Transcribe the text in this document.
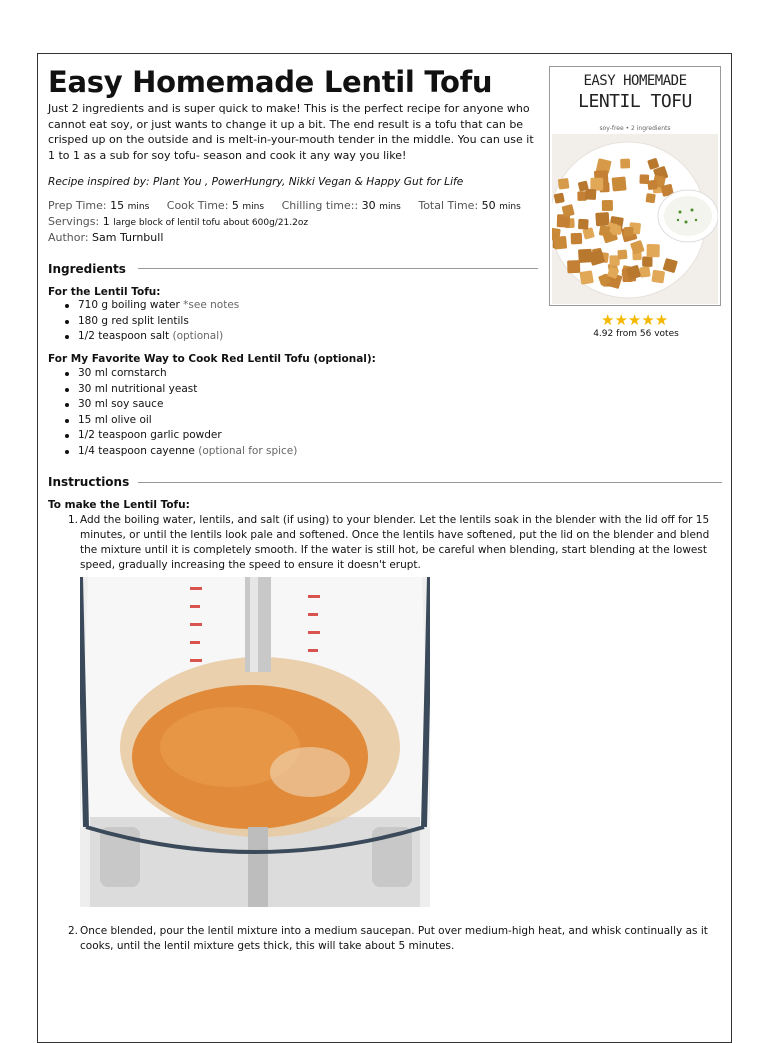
Easy Homemade Lentil Tofu
Just 2 ingredients and is super quick to make! This is the perfect recipe for anyone who cannot eat soy, or just wants to change it up a bit. The end result is a tofu that can be crisped up on the outside and is melt-in-your-mouth tender in the middle. You can use it 1 to 1 as a sub for soy tofu- season and cook it any way you like!
Recipe inspired by: Plant You , PowerHungry, Nikki Vegan & Happy Gut for Life
Prep Time: 15 mins Cook Time: 5 mins Chilling time:: 30 mins Total Time: 50 mins
Servings: 1 large block of lentil tofu about 600g/21.2oz
Author: Sam Turnbull
EASY HOMEMADE
LENTIL TOFU
soy-free • 2 ingredients
★★★★★
4.92 from 56 votes
Ingredients
For the Lentil Tofu:
710 g boiling water *see notes
180 g red split lentils
1/2 teaspoon salt (optional)
For My Favorite Way to Cook Red Lentil Tofu (optional):
30 ml cornstarch
30 ml nutritional yeast
30 ml soy sauce
15 ml olive oil
1/2 teaspoon garlic powder
1/4 teaspoon cayenne (optional for spice)
Instructions
To make the Lentil Tofu:
1. Add the boiling water, lentils, and salt (if using) to your blender. Let the lentils soak in the blender with the lid off for 15 minutes, or until the lentils look pale and softened. Once the lentils have softened, put the lid on the blender and blend the mixture until it is completely smooth. If the water is still hot, be careful when blending, start blending at the lowest speed, gradually increasing the speed to ensure it doesn't erupt.
2. Once blended, pour the lentil mixture into a medium saucepan. Put over medium-high heat, and whisk continually as it cooks, until the lentil mixture gets thick, this will take about 5 minutes.
